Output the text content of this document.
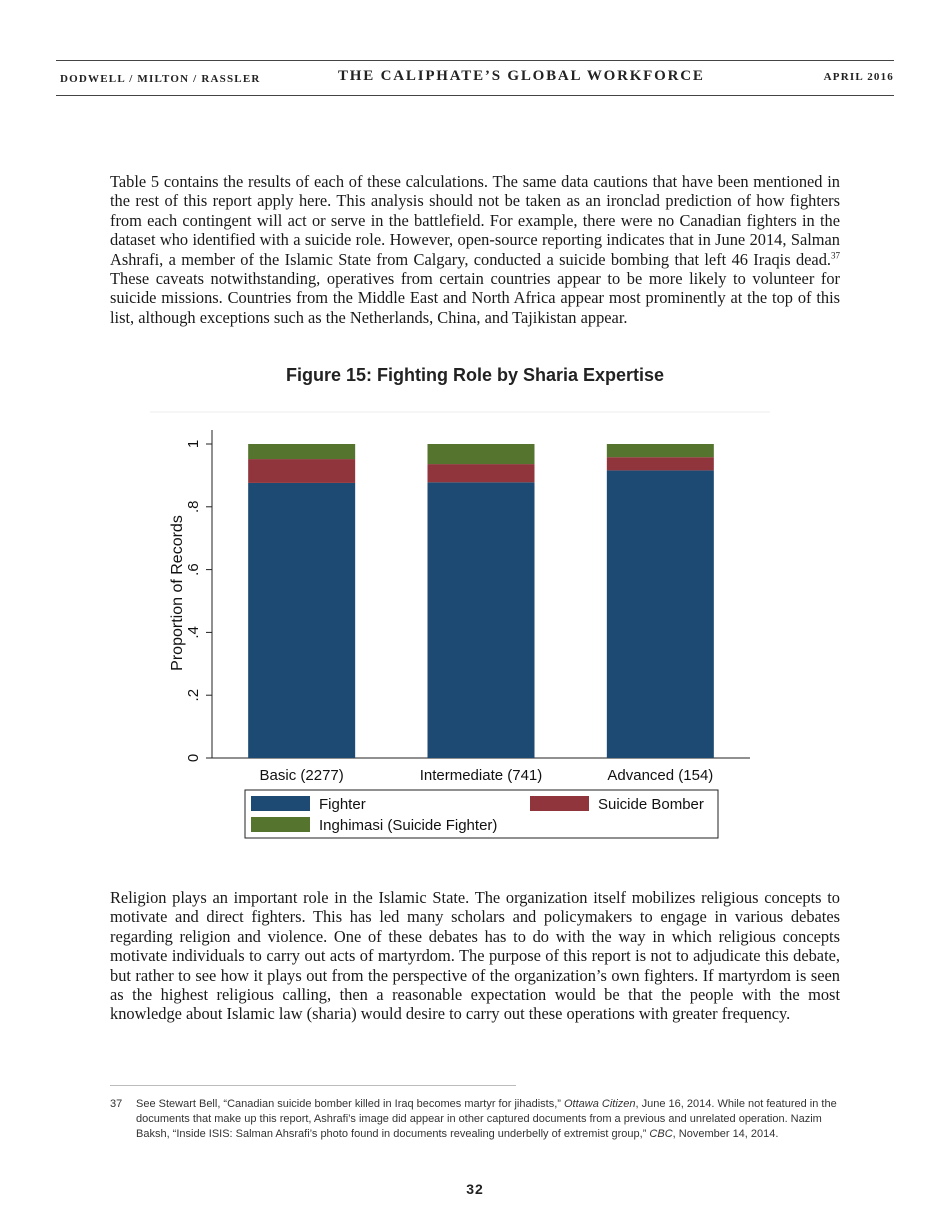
DODWELL / MILTON / RASSLER	THE CALIPHATE’S GLOBAL WORKFORCE	APRIL 2016

Table 5 contains the results of each of these calculations. The same data cautions that have been mentioned in the rest of this report apply here. This analysis should not be taken as an ironclad prediction of how fighters from each contingent will act or serve in the battlefield. For example, there were no Canadian fighters in the dataset who identified with a suicide role. However, open-source reporting indicates that in June 2014, Salman Ashrafi, a member of the Islamic State from Calgary, conducted a suicide bombing that left 46 Iraqis dead.$^{37}$ These caveats notwithstanding, operatives from certain countries appear to be more likely to volunteer for suicide missions. Countries from the Middle East and North Africa appear most prominently at the top of this list, although exceptions such as the Netherlands, China, and Tajikistan appear.

Figure 15: Fighting Role by Sharia Expertise
0
.2
.4
.6
.8
1
Basic (2277)	Intermediate (741)	Advanced (154)
Proportion of Records
Fighter	Suicide Bomber
Inghimasi (Suicide Fighter)

Religion plays an important role in the Islamic State. The organization itself mobilizes religious concepts to motivate and direct fighters. This has led many scholars and policymakers to engage in various debates regarding religion and violence. One of these debates has to do with the way in which religious concepts motivate individuals to carry out acts of martyrdom. The purpose of this report is not to adjudicate this debate, but rather to see how it plays out from the perspective of the organization’s own fighters. If martyrdom is seen as the highest religious calling, then a reasonable expectation would be that the people with the most knowledge about Islamic law (sharia) would desire to carry out these operations with greater frequency.

37 See Stewart Bell, “Canadian suicide bomber killed in Iraq becomes martyr for jihadists,” Ottawa Citizen, June 16, 2014. While not featured in the documents that make up this report, Ashrafi’s image did appear in other captured documents from a previous and unrelated operation. Nazim Baksh, “Inside ISIS: Salman Ahsrafi’s photo found in documents revealing underbelly of extremist group,” CBC, November 14, 2014.
32
